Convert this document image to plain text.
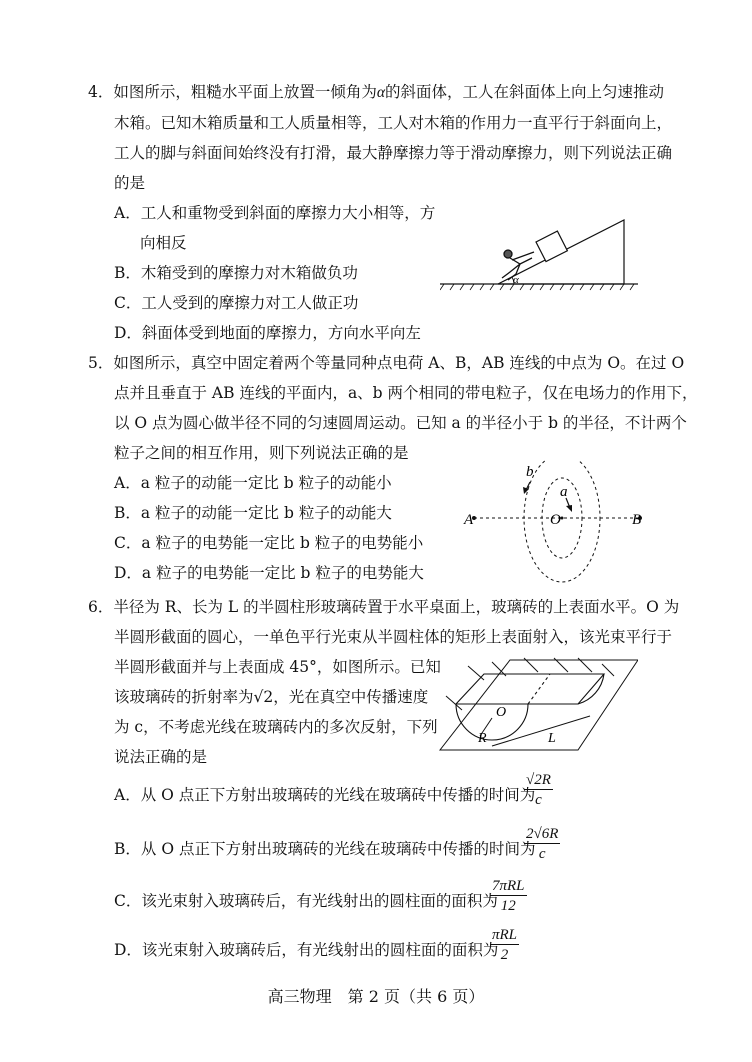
4．如图所示，粗糙水平面上放置一倾角为α的斜面体，工人在斜面体上向上匀速推动
木箱。已知木箱质量和工人质量相等，工人对木箱的作用力一直平行于斜面向上，
工人的脚与斜面间始终没有打滑，最大静摩擦力等于滑动摩擦力，则下列说法正确
的是
A．工人和重物受到斜面的摩擦力大小相等，方
向相反
B．木箱受到的摩擦力对木箱做负功
C．工人受到的摩擦力对工人做正功
D．斜面体受到地面的摩擦力，方向水平向左
α
5．如图所示，真空中固定着两个等量同种点电荷 A、B，AB 连线的中点为 O。在过 O
点并且垂直于 AB 连线的平面内，a、b 两个相同的带电粒子，仅在电场力的作用下，
以 O 点为圆心做半径不同的匀速圆周运动。已知 a 的半径小于 b 的半径，不计两个
粒子之间的相互作用，则下列说法正确的是
A．a 粒子的动能一定比 b 粒子的动能小
B．a 粒子的动能一定比 b 粒子的动能大
C．a 粒子的电势能一定比 b 粒子的电势能小
D．a 粒子的电势能一定比 b 粒子的电势能大
A	B
O
a
b
6．半径为 R、长为 L 的半圆柱形玻璃砖置于水平桌面上，玻璃砖的上表面水平。O 为
半圆形截面的圆心，一单色平行光束从半圆柱体的矩形上表面射入，该光束平行于
半圆形截面并与上表面成 45°，如图所示。已知
该玻璃砖的折射率为√2，光在真空中传播速度
为 c，不考虑光线在玻璃砖内的多次反射，下列
说法正确的是
O
R	L
A．从 O 点正下方射出玻璃砖的光线在玻璃砖中传播的时间为
$\frac{√2R}{c}$
B．从 O 点正下方射出玻璃砖的光线在玻璃砖中传播的时间为
$\frac{2√6R}{c}$
C．该光束射入玻璃砖后，有光线射出的圆柱面的面积为
7πRL
12
D．该光束射入玻璃砖后，有光线射出的圆柱面的面积为
πRL
2
高三物理　第 2 页（共 6 页）
